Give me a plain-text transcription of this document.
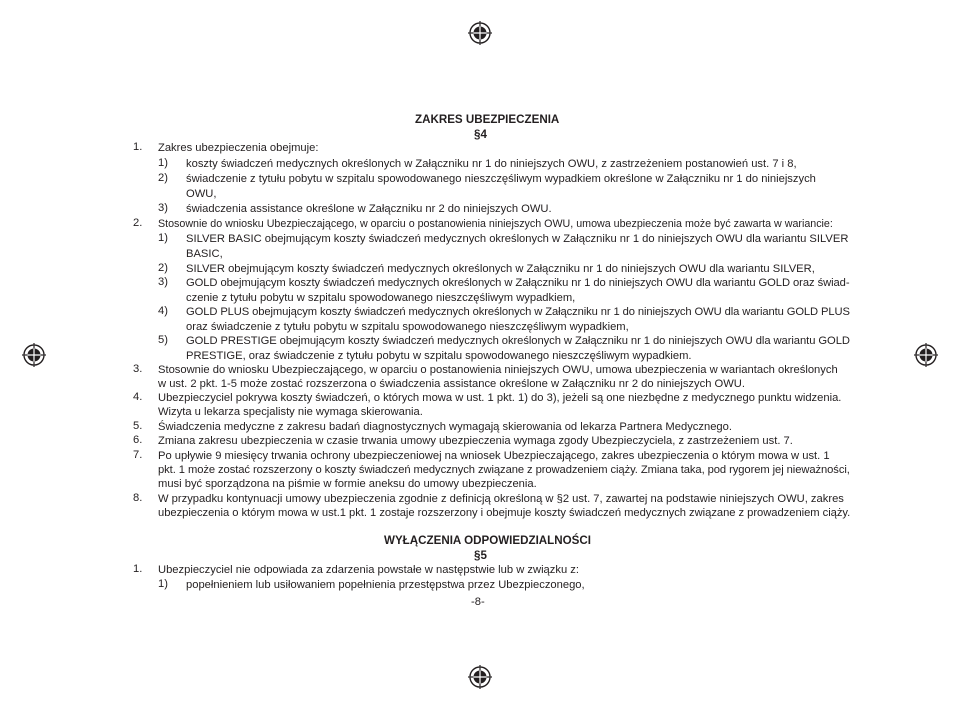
ZAKRES UBEZPIECZENIA
§4
1. Zakres ubezpieczenia obejmuje:
1) koszty świadczeń medycznych określonych w Załączniku nr 1 do niniejszych OWU, z zastrzeżeniem postanowień ust. 7 i 8,
2) świadczenie z tytułu pobytu w szpitalu spowodowanego nieszczęśliwym wypadkiem określone w Załączniku nr 1 do niniejszych
OWU,
3) świadczenia assistance określone w Załączniku nr 2 do niniejszych OWU.
2. Stosownie do wniosku Ubezpieczającego, w oparciu o postanowienia niniejszych OWU, umowa ubezpieczenia może być zawarta w wariancie:
1) SILVER BASIC obejmującym koszty świadczeń medycznych określonych w Załączniku nr 1 do niniejszych OWU dla wariantu SILVER
BASIC,
2) SILVER obejmującym koszty świadczeń medycznych określonych w Załączniku nr 1 do niniejszych OWU dla wariantu SILVER,
3) GOLD obejmującym koszty świadczeń medycznych określonych w Załączniku nr 1 do niniejszych OWU dla wariantu GOLD oraz świad-
czenie z tytułu pobytu w szpitalu spowodowanego nieszczęśliwym wypadkiem,
4) GOLD PLUS obejmującym koszty świadczeń medycznych określonych w Załączniku nr 1 do niniejszych OWU dla wariantu GOLD PLUS
oraz świadczenie z tytułu pobytu w szpitalu spowodowanego nieszczęśliwym wypadkiem,
5) GOLD PRESTIGE obejmującym koszty świadczeń medycznych określonych w Załączniku nr 1 do niniejszych OWU dla wariantu GOLD
PRESTIGE, oraz świadczenie z tytułu pobytu w szpitalu spowodowanego nieszczęśliwym wypadkiem.
3. Stosownie do wniosku Ubezpieczającego, w oparciu o postanowienia niniejszych OWU, umowa ubezpieczenia w wariantach określonych
w ust. 2 pkt. 1-5 może zostać rozszerzona o świadczenia assistance określone w Załączniku nr 2 do niniejszych OWU.
4. Ubezpieczyciel pokrywa koszty świadczeń, o których mowa w ust. 1 pkt. 1) do 3), jeżeli są one niezbędne z medycznego punktu widzenia.
Wizyta u lekarza specjalisty nie wymaga skierowania.
5. Świadczenia medyczne z zakresu badań diagnostycznych wymagają skierowania od lekarza Partnera Medycznego.
6. Zmiana zakresu ubezpieczenia w czasie trwania umowy ubezpieczenia wymaga zgody Ubezpieczyciela, z zastrzeżeniem ust. 7.
7. Po upływie 9 miesięcy trwania ochrony ubezpieczeniowej na wniosek Ubezpieczającego, zakres ubezpieczenia o którym mowa w ust. 1
pkt. 1 może zostać rozszerzony o koszty świadczeń medycznych związane z prowadzeniem ciąży. Zmiana taka, pod rygorem jej nieważności,
musi być sporządzona na piśmie w formie aneksu do umowy ubezpieczenia.
8. W przypadku kontynuacji umowy ubezpieczenia zgodnie z definicją określoną w §2 ust. 7, zawartej na podstawie niniejszych OWU, zakres
ubezpieczenia o którym mowa w ust.1 pkt. 1 zostaje rozszerzony i obejmuje koszty świadczeń medycznych związane z prowadzeniem ciąży.
WYŁĄCZENIA ODPOWIEDZIALNOŚCI
§5
1. Ubezpieczyciel nie odpowiada za zdarzenia powstałe w następstwie lub w związku z:
1) popełnieniem lub usiłowaniem popełnienia przestępstwa przez Ubezpieczonego,
-8-
